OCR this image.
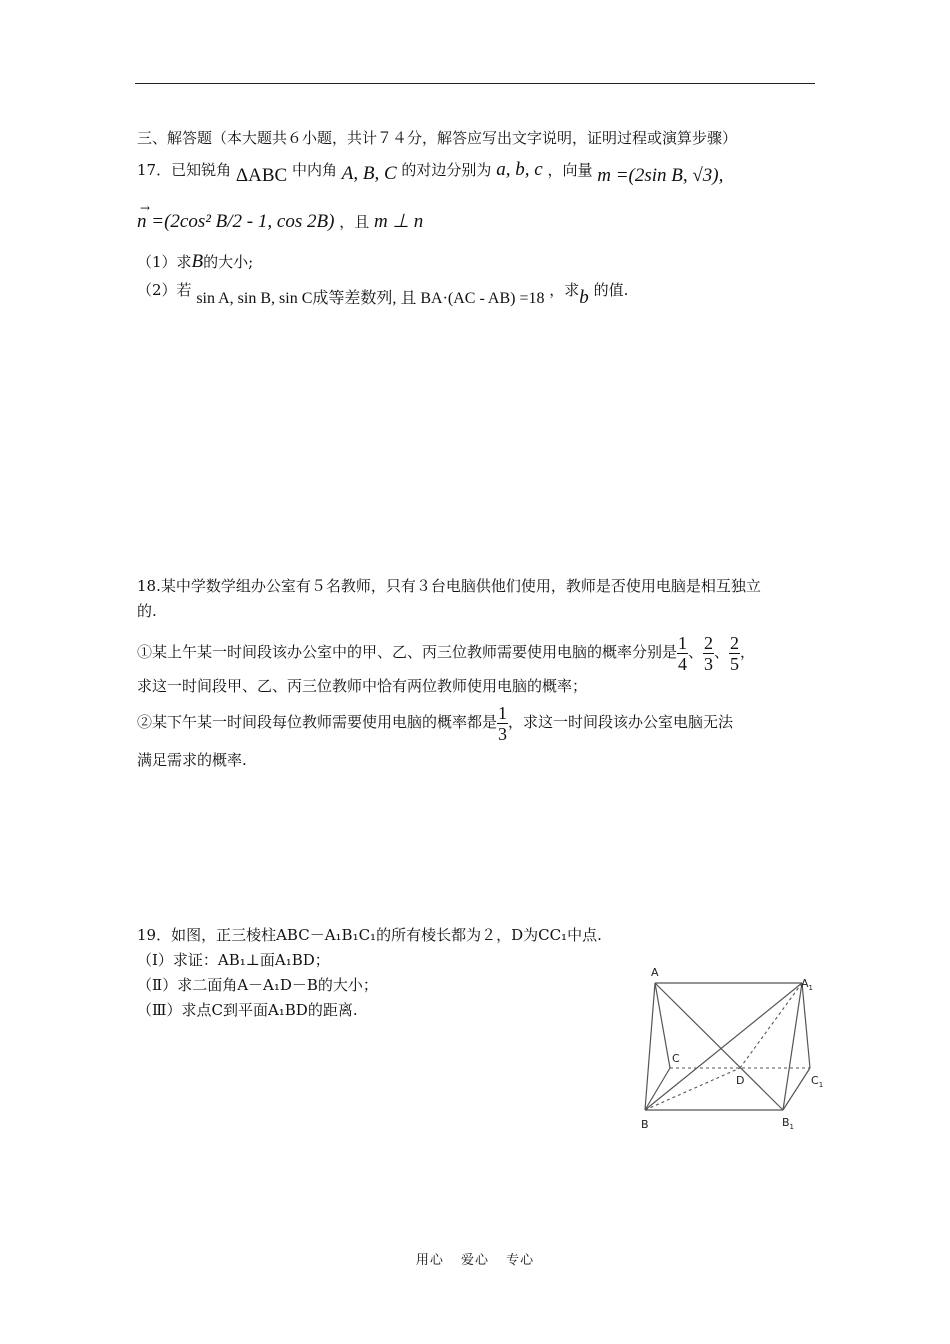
三、解答题（本大题共６小题，共计７４分，解答应写出文字说明，证明过程或演算步骤）
17．已知锐角 ΔABC 中内角 A, B, C 的对边分别为 a, b, c ，向量 m =(2sin B, √3),
→
n =(2cos² B/2 - 1, cos 2B) ，且 m ⊥ n
（1）求B的大小;
（2）若 sin A, sin B, sin C成等差数列, 且 BA·(AC - AB) =18 ，求b 的值.
18.某中学数学组办公室有５名教师，只有３台电脑供他们使用，教师是否使用电脑是相互独立
的.
①某上午某一时间段该办公室中的甲、乙、丙三位教师需要使用电脑的概率分别是 $\frac{1}{4}$ 、 $\frac{2}{3}$ 、 $\frac{2}{5}$ ，
求这一时间段甲、乙、丙三位教师中恰有两位教师使用电脑的概率；
②某下午某一时间段每位教师需要使用电脑的概率都是 $\frac{1}{3}$ ，求这一时间段该办公室电脑无法
满足需求的概率.
19．如图，正三棱柱ABC－A₁B₁C₁的所有棱长都为２，D为CC₁中点.
（Ⅰ）求证：AB₁⊥面A₁BD；
（Ⅱ）求二面角A－A₁D－B的大小；
（Ⅲ）求点C到平面A₁BD的距离.
A
$A_1$
C
D	$C_1$
B	$B_1$
用心 爱心 专心
